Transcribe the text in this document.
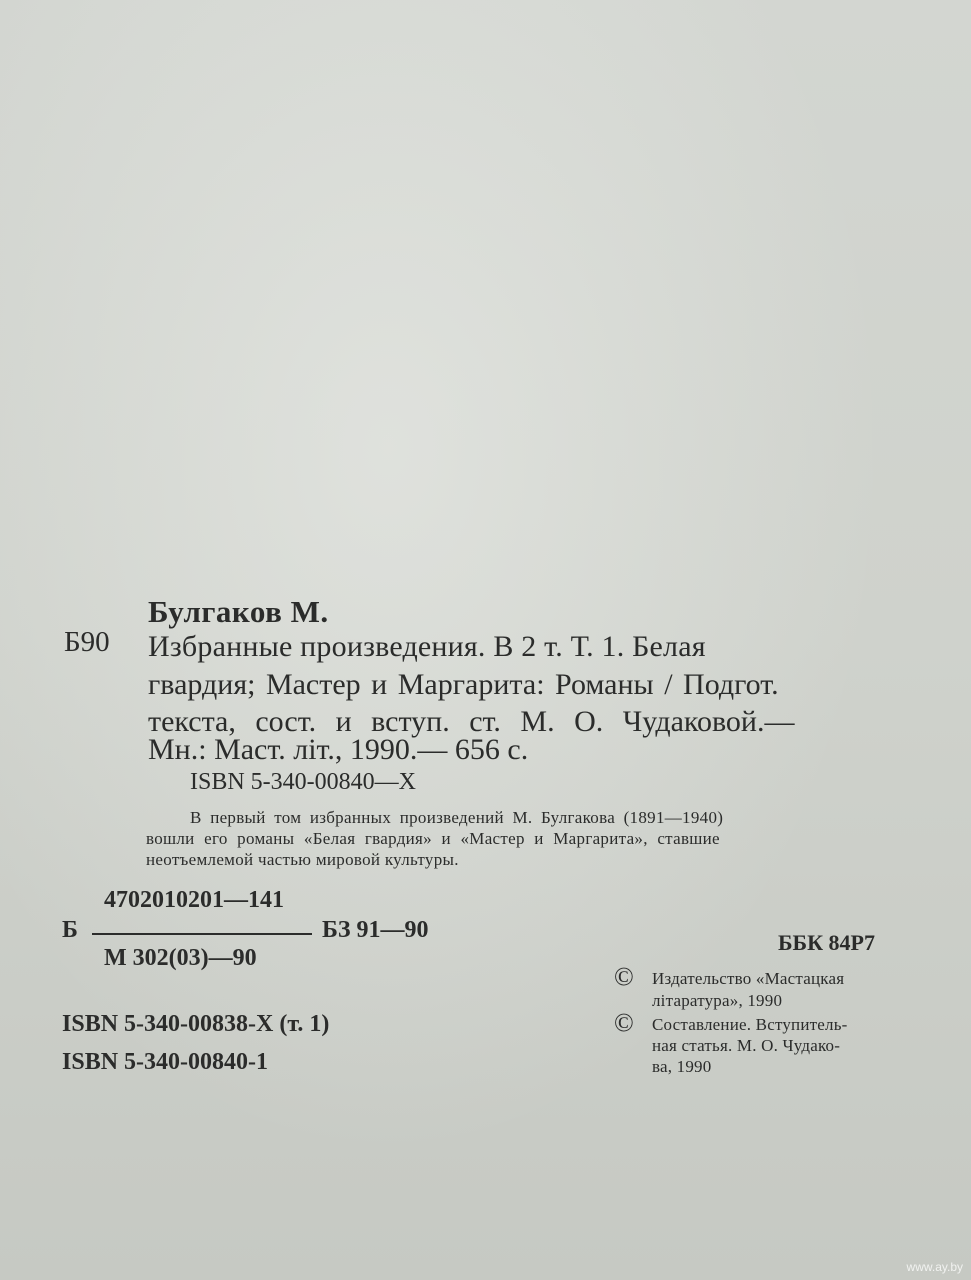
Булгаков М.
Б90 Избранные произведения. В 2 т. Т. 1. Белая
гвардия; Мастер и Маргарита: Романы / Подгот.
текста, сост. и вступ. ст. М. О. Чудаковой.—
Мн.: Маст. літ., 1990.— 656 с.
ISBN 5-340-00840—X
В первый том избранных произведений М. Булгакова (1891—1940)
вошли его романы «Белая гвардия» и «Мастер и Маргарита», ставшие
неотъемлемой частью мировой культуры.
4702010201—141
Б	БЗ 91—90
М 302(03)—90
ББК 84Р7
ISBN 5-340-00838-X (т. 1)
ISBN 5-340-00840-1
© Издательство «Мастацкая
літаратура», 1990
© Составление. Вступитель-
ная статья. М. О. Чудако-
ва, 1990
www.ay.by
